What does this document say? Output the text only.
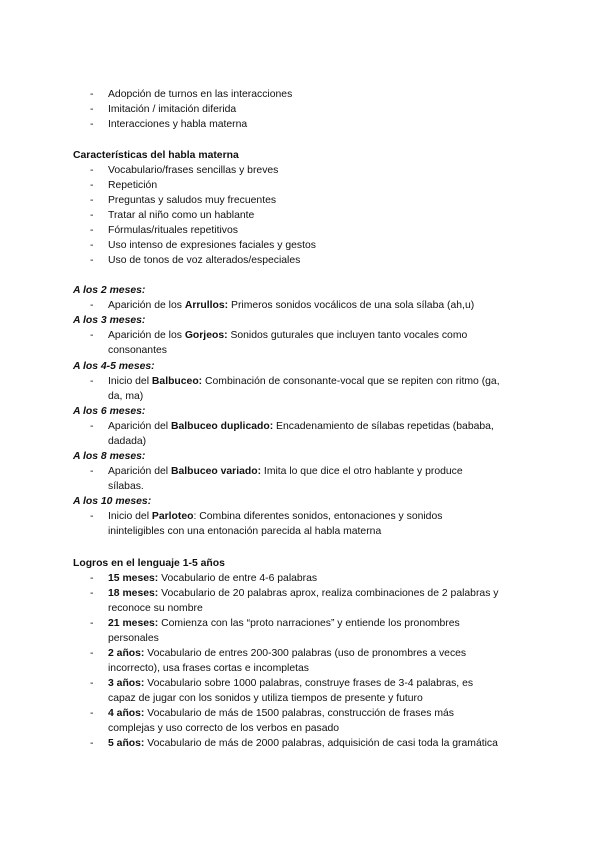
-	Adopción de turnos en las interacciones
-	Imitación / imitación diferida
-	Interacciones y habla materna
Características del habla materna
-	Vocabulario/frases sencillas y breves
-	Repetición
-	Preguntas y saludos muy frecuentes
-	Tratar al niño como un hablante
-	Fórmulas/rituales repetitivos
-	Uso intenso de expresiones faciales y gestos
-	Uso de tonos de voz alterados/especiales
A los 2 meses:
-	Aparición de los Arrullos: Primeros sonidos vocálicos de una sola sílaba (ah,u)
A los 3 meses:
-	Aparición de los Gorjeos: Sonidos guturales que incluyen tanto vocales como
consonantes
A los 4-5 meses:
-	Inicio del Balbuceo: Combinación de consonante-vocal que se repiten con ritmo (ga,
da, ma)
A los 6 meses:
-	Aparición del Balbuceo duplicado: Encadenamiento de sílabas repetidas (bababa,
dadada)
A los 8 meses:
-	Aparición del Balbuceo variado: Imita lo que dice el otro hablante y produce
sílabas.
A los 10 meses:
-	Inicio del Parloteo: Combina diferentes sonidos, entonaciones y sonidos
ininteligibles con una entonación parecida al habla materna
Logros en el lenguaje 1-5 años
-	15 meses: Vocabulario de entre 4-6 palabras
-	18 meses: Vocabulario de 20 palabras aprox, realiza combinaciones de 2 palabras y
reconoce su nombre
-	21 meses: Comienza con las “proto narraciones” y entiende los pronombres
personales
-	2 años: Vocabulario de entres 200-300 palabras (uso de pronombres a veces
incorrecto), usa frases cortas e incompletas
-	3 años: Vocabulario sobre 1000 palabras, construye frases de 3-4 palabras, es
capaz de jugar con los sonidos y utiliza tiempos de presente y futuro
-	4 años: Vocabulario de más de 1500 palabras, construcción de frases más
complejas y uso correcto de los verbos en pasado
-	5 años: Vocabulario de más de 2000 palabras, adquisición de casi toda la gramática
